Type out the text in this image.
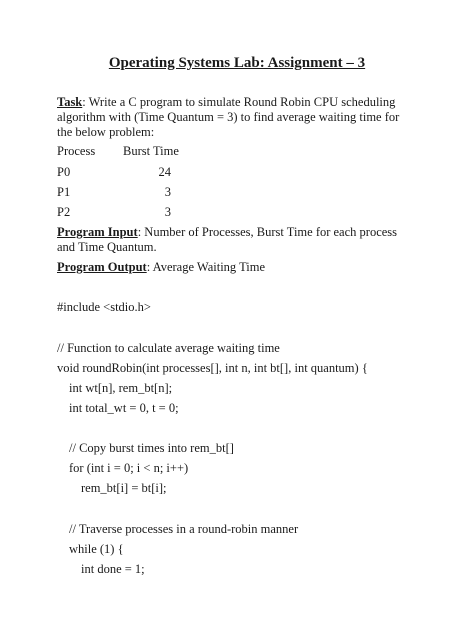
Operating Systems Lab: Assignment – 3
Task: Write a C program to simulate Round Robin CPU scheduling algorithm with (Time Quantum = 3) to find average waiting time for the below problem:
Process Burst Time
P0	24
P1	3
P2	3
Program Input: Number of Processes, Burst Time for each process and Time Quantum.
Program Output: Average Waiting Time
#include <stdio.h>
// Function to calculate average waiting time
void roundRobin(int processes[], int n, int bt[], int quantum) {
int wt[n], rem_bt[n];
int total_wt = 0, t = 0;
// Copy burst times into rem_bt[]
for (int i = 0; i < n; i++)
rem_bt[i] = bt[i];
// Traverse processes in a round-robin manner
while (1) {
int done = 1;
